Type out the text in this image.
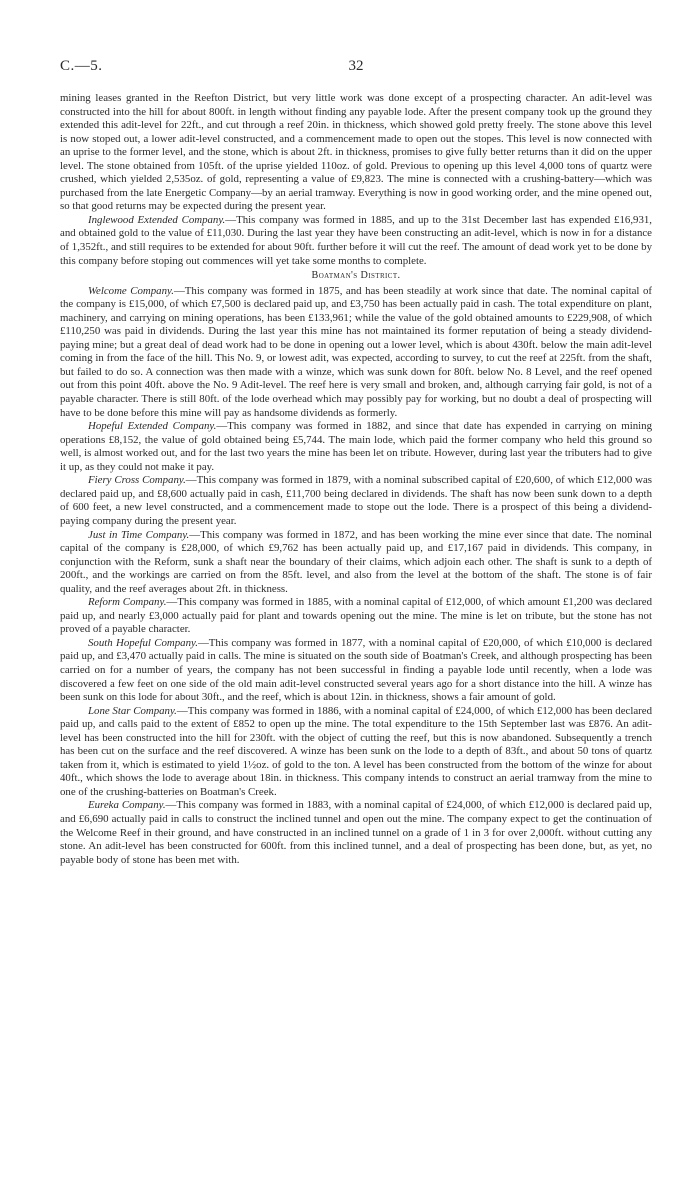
C.—5.	32

mining leases granted in the Reefton District, but very little work was done except of a prospecting character. An adit-level was constructed into the hill for about 800ft. in length without finding any payable lode. After the present company took up the ground they extended this adit-level for 22ft., and cut through a reef 20in. in thickness, which showed gold pretty freely. The stone above this level is now stoped out, a lower adit-level constructed, and a commencement made to open out the stopes. This level is now connected with an uprise to the former level, and the stone, which is about 2ft. in thickness, promises to give fully better returns than it did on the upper level. The stone obtained from 105ft. of the uprise yielded 110oz. of gold. Previous to opening up this level 4,000 tons of quartz were crushed, which yielded 2,535oz. of gold, representing a value of £9,823. The mine is connected with a crushing-battery—which was purchased from the late Energetic Company—by an aerial tramway. Everything is now in good working order, and the mine opened out, so that good returns may be expected during the present year.

Inglewood Extended Company.—This company was formed in 1885, and up to the 31st December last has expended £16,931, and obtained gold to the value of £11,030. During the last year they have been constructing an adit-level, which is now in for a distance of 1,352ft., and still requires to be extended for about 90ft. further before it will cut the reef. The amount of dead work yet to be done by this company before stoping out commences will yet take some months to complete.

Boatman's District.

Welcome Company.—This company was formed in 1875, and has been steadily at work since that date. The nominal capital of the company is £15,000, of which £7,500 is declared paid up, and £3,750 has been actually paid in cash. The total expenditure on plant, machinery, and carrying on mining operations, has been £133,961; while the value of the gold obtained amounts to £229,908, of which £110,250 was paid in dividends. During the last year this mine has not maintained its former reputation of being a steady dividend-paying mine; but a great deal of dead work had to be done in opening out a lower level, which is about 430ft. below the main adit-level coming in from the face of the hill. This No. 9, or lowest adit, was expected, according to survey, to cut the reef at 225ft. from the shaft, but failed to do so. A connection was then made with a winze, which was sunk down for 80ft. below No. 8 Level, and the reef opened out from this point 40ft. above the No. 9 Adit-level. The reef here is very small and broken, and, although carrying fair gold, is not of a payable character. There is still 80ft. of the lode overhead which may possibly pay for working, but no doubt a deal of prospecting will have to be done before this mine will pay as handsome dividends as formerly.

Hopeful Extended Company.—This company was formed in 1882, and since that date has expended in carrying on mining operations £8,152, the value of gold obtained being £5,744. The main lode, which paid the former company who held this ground so well, is almost worked out, and for the last two years the mine has been let on tribute. However, during last year the tributers had to give it up, as they could not make it pay.

Fiery Cross Company.—This company was formed in 1879, with a nominal subscribed capital of £20,600, of which £12,000 was declared paid up, and £8,600 actually paid in cash, £11,700 being declared in dividends. The shaft has now been sunk down to a depth of 600 feet, a new level constructed, and a commencement made to stope out the lode. There is a prospect of this being a dividend-paying company during the present year.

Just in Time Company.—This company was formed in 1872, and has been working the mine ever since that date. The nominal capital of the company is £28,000, of which £9,762 has been actually paid up, and £17,167 paid in dividends. This company, in conjunction with the Reform, sunk a shaft near the boundary of their claims, which adjoin each other. The shaft is sunk to a depth of 200ft., and the workings are carried on from the 85ft. level, and also from the level at the bottom of the shaft. The stone is of fair quality, and the reef averages about 2ft. in thickness.

Reform Company.—This company was formed in 1885, with a nominal capital of £12,000, of which amount £1,200 was declared paid up, and nearly £3,000 actually paid for plant and towards opening out the mine. The mine is let on tribute, but the stone has not proved of a payable character.

South Hopeful Company.—This company was formed in 1877, with a nominal capital of £20,000, of which £10,000 is declared paid up, and £3,470 actually paid in calls. The mine is situated on the south side of Boatman's Creek, and although prospecting has been carried on for a number of years, the company has not been successful in finding a payable lode until recently, when a lode was discovered a few feet on one side of the old main adit-level constructed several years ago for a short distance into the hill. A winze has been sunk on this lode for about 30ft., and the reef, which is about 12in. in thickness, shows a fair amount of gold.

Lone Star Company.—This company was formed in 1886, with a nominal capital of £24,000, of which £12,000 has been declared paid up, and calls paid to the extent of £852 to open up the mine. The total expenditure to the 15th September last was £876. An adit-level has been constructed into the hill for 230ft. with the object of cutting the reef, but this is now abandoned. Subsequently a trench has been cut on the surface and the reef discovered. A winze has been sunk on the lode to a depth of 83ft., and about 50 tons of quartz taken from it, which is estimated to yield 1½oz. of gold to the ton. A level has been constructed from the bottom of the winze for about 40ft., which shows the lode to average about 18in. in thickness. This company intends to construct an aerial tramway from the mine to one of the crushing-batteries on Boatman's Creek.

Eureka Company.—This company was formed in 1883, with a nominal capital of £24,000, of which £12,000 is declared paid up, and £6,690 actually paid in calls to construct the inclined tunnel and open out the mine. The company expect to get the continuation of the Welcome Reef in their ground, and have constructed in an inclined tunnel on a grade of 1 in 3 for over 2,000ft. without cutting any stone. An adit-level has been constructed for 600ft. from this inclined tunnel, and a deal of prospecting has been done, but, as yet, no payable body of stone has been met with.
